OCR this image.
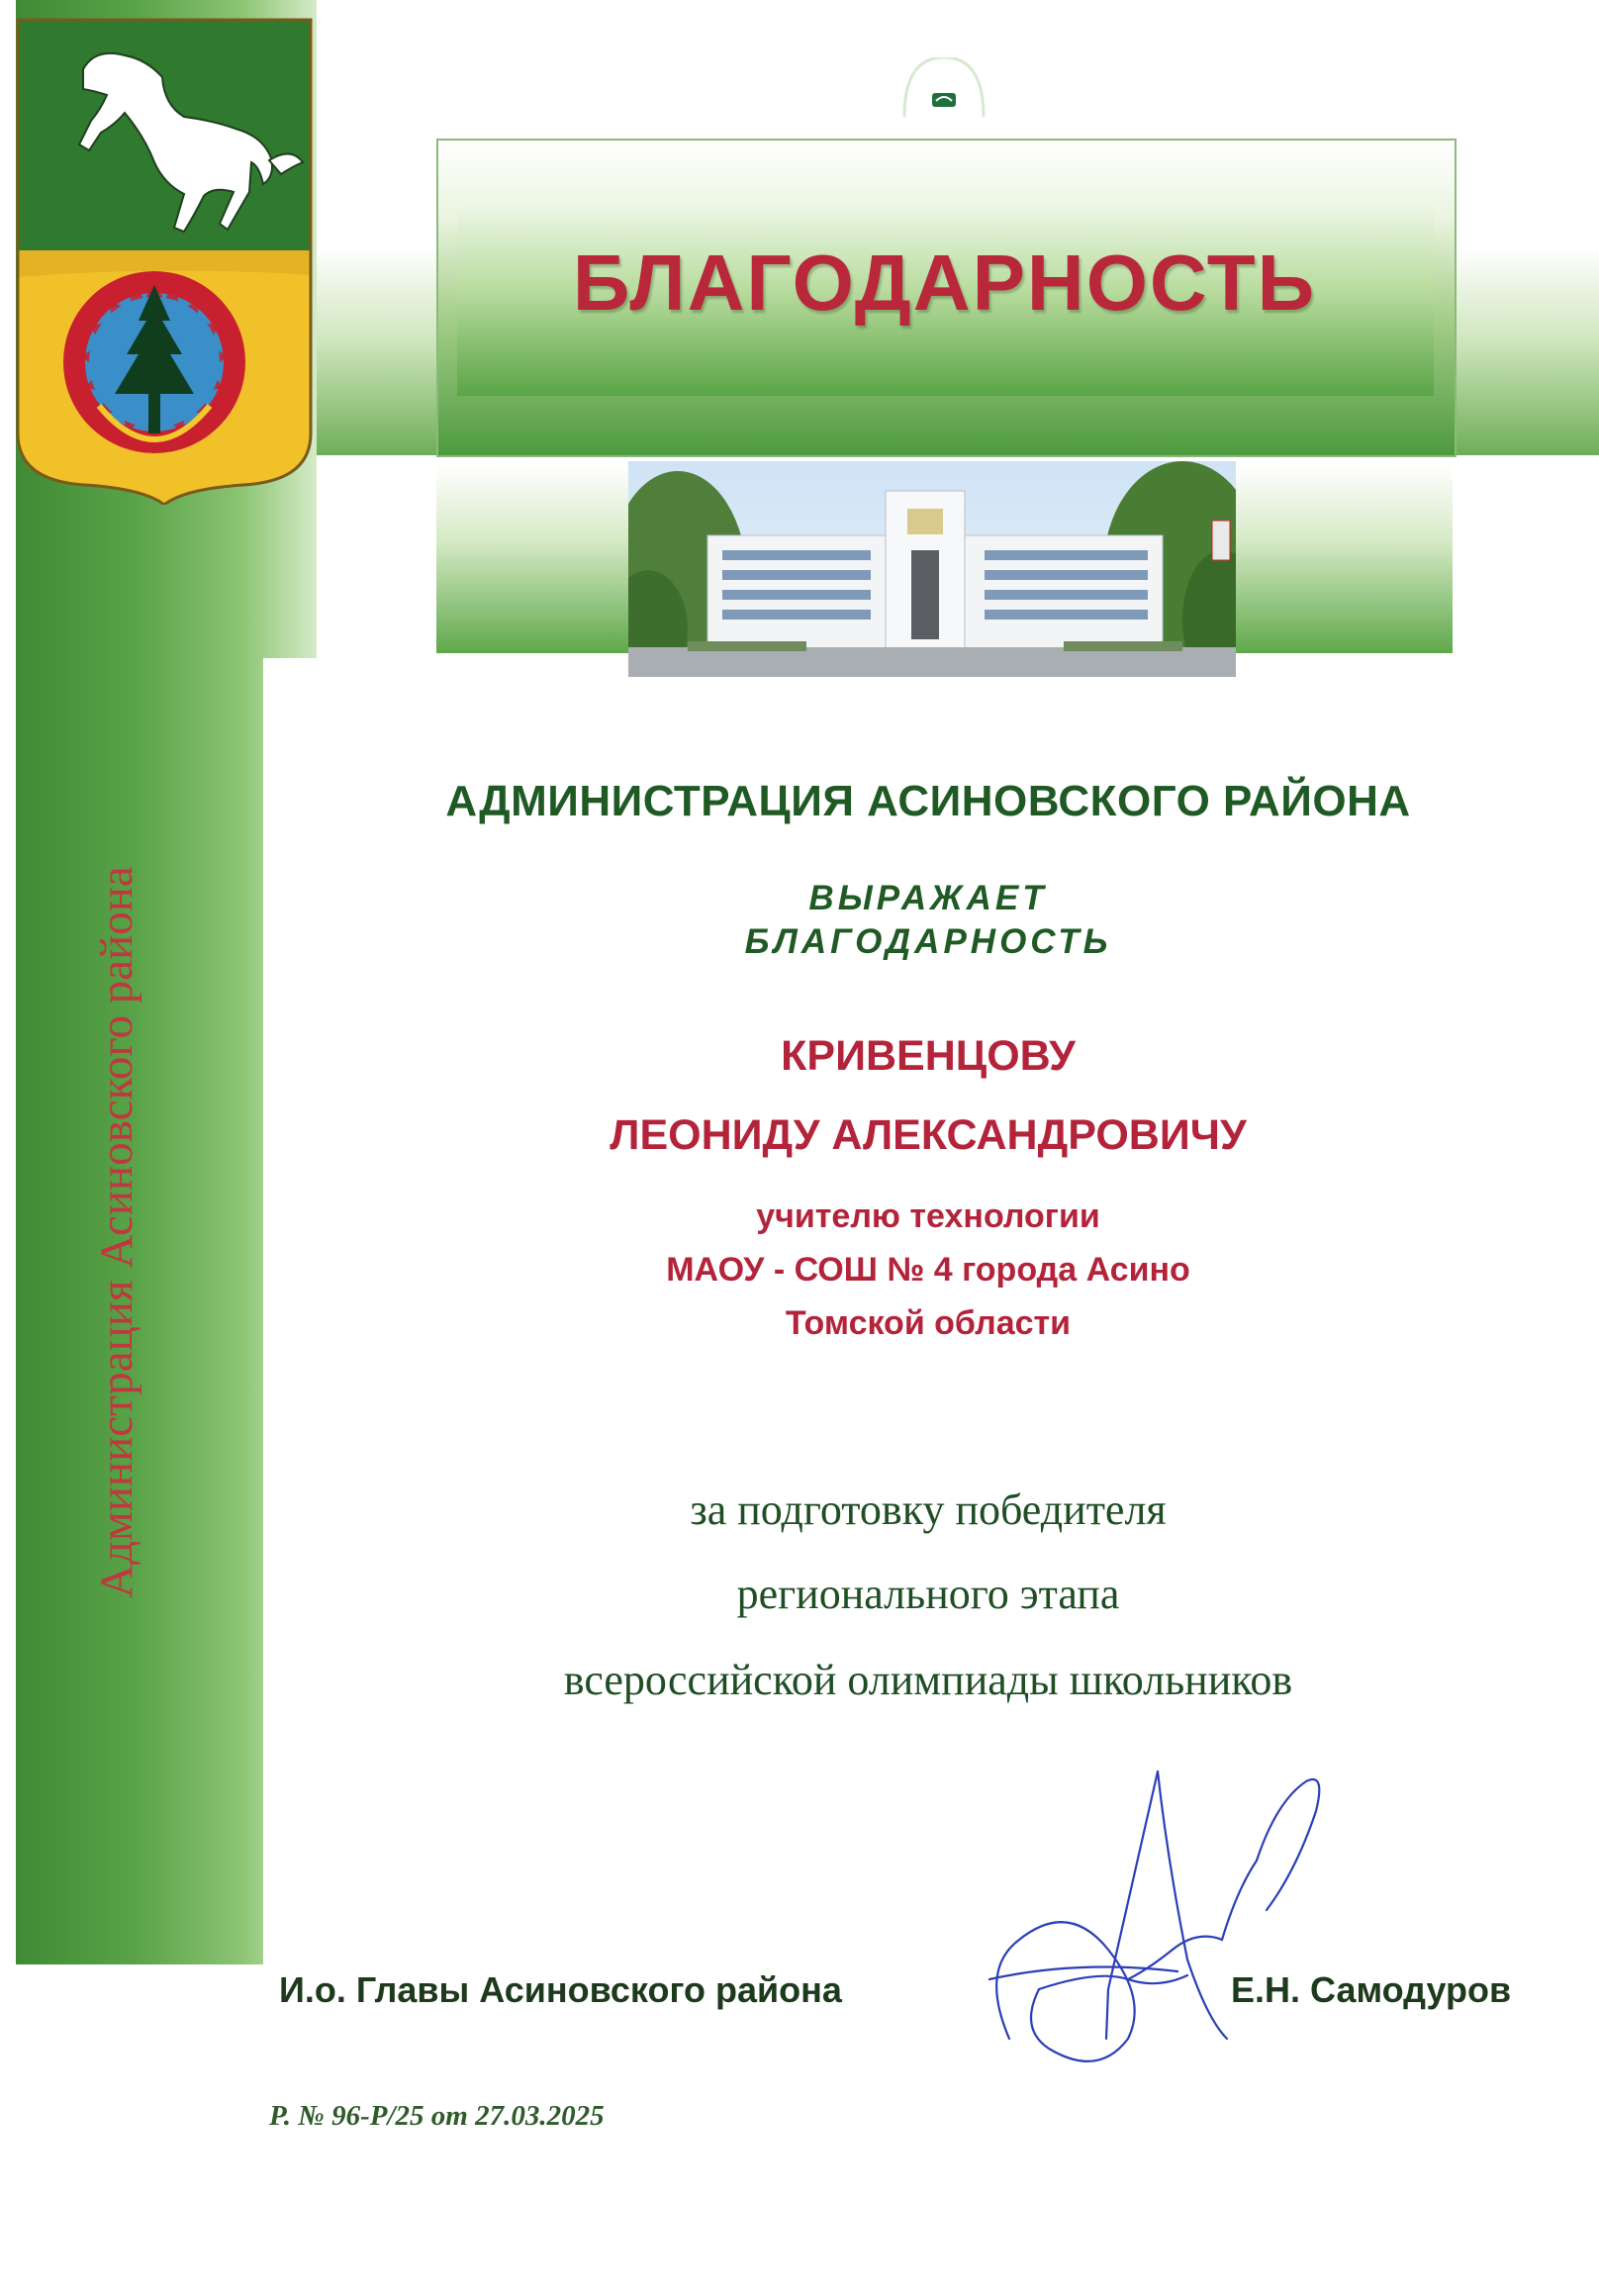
Администрация Асиновского района
БЛАГОДАРНОСТЬ
АДМИНИСТРАЦИЯ АСИНОВСКОГО РАЙОНА
ВЫРАЖАЕТ
БЛАГОДАРНОСТЬ
КРИВЕНЦОВУ
ЛЕОНИДУ АЛЕКСАНДРОВИЧУ
учителю технологии
МАОУ - СОШ № 4 города Асино
Томской области
за подготовку победителя
регионального этапа
всероссийской олимпиады школьников
И.о. Главы Асиновского района	Е.Н. Самодуров
Р. № 96-Р/25 от 27.03.2025
